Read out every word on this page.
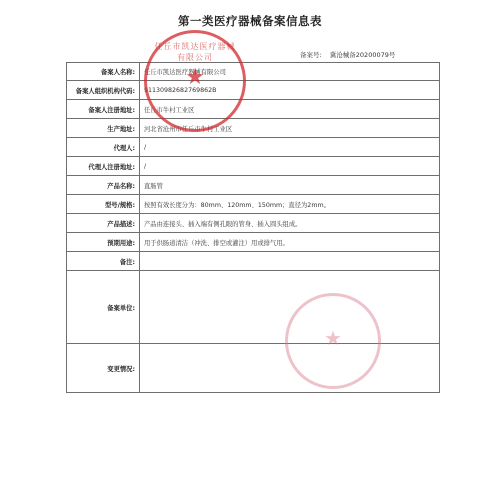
第一类医疗器械备案信息表
备案号: 冀沧械备20200079号
备案人名称:	任丘市凯达医疗器械有限公司
备案人组织机构代码:	91130982682769862B
备案人注册地址:	任丘市牛村工业区
生产地址:	河北省沧州市任丘市牛村工业区
代理人:	/
代理人注册地址:	/
产品名称:	直肠管
型号/规格:	按照有效长度分为：80mm、120mm、150mm；直径为2mm。
产品描述:	产品由连接头、插入端有侧孔眼的管身、插入圆头组成。
预期用途:	用于供肠道清洁（冲洗、排空或灌注）用或排气用。
备注:	
备案单位:	

变更情况:	
任丘市凯达医疗器械有限公司
★
★
